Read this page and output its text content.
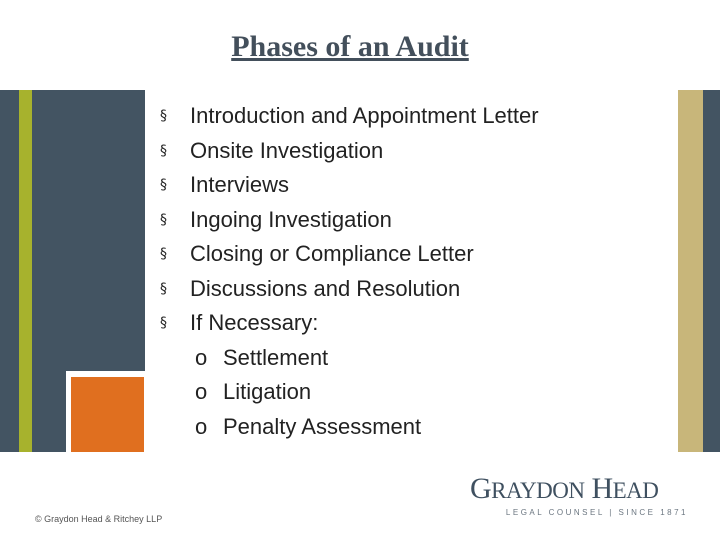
Phases of an Audit
§ Introduction and Appointment Letter
§ Onsite Investigation
§ Interviews
§ Ingoing Investigation
§ Closing or Compliance Letter
§ Discussions and Resolution
§ If Necessary:
o Settlement
o Litigation
o Penalty Assessment
GRAYDON HEAD
LEGAL COUNSEL | SINCE 1871
© Graydon Head & Ritchey LLP
